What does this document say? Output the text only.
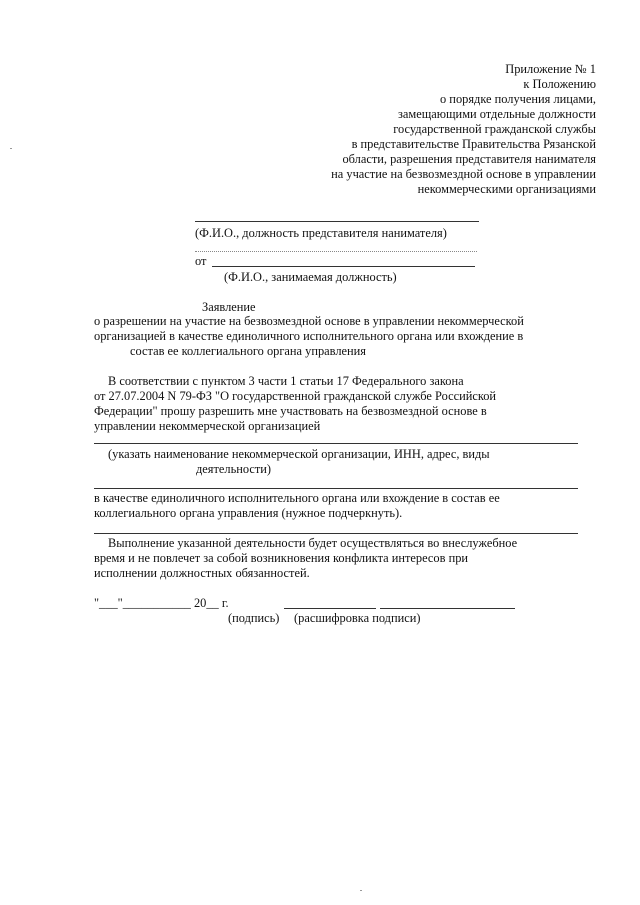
Приложение № 1
к Положению
о порядке получения лицами,
замещающими отдельные должности
государственной гражданской службы
в представительстве Правительства Рязанской
области, разрешения представителя нанимателя
на участие на безвозмездной основе в управлении
некоммерческими организациями
(Ф.И.О., должность представителя нанимателя)
от
(Ф.И.О., занимаемая должность)
Заявление
о разрешении на участие на безвозмездной основе в управлении некоммерческой
организацией в качестве единоличного исполнительного органа или вхождение в
состав ее коллегиального органа управления
В соответствии с пунктом 3 части 1 статьи 17 Федерального закона
от 27.07.2004 N 79-ФЗ "О государственной гражданской службе Российской
Федерации" прошу разрешить мне участвовать на безвозмездной основе в
управлении некоммерческой организацией
(указать наименование некоммерческой организации, ИНН, адрес, виды
деятельности)
в качестве единоличного исполнительного органа или вхождение в состав ее
коллегиального органа управления (нужное подчеркнуть).
Выполнение указанной деятельности будет осуществляться во внеслужебное
время и не повлечет за собой возникновения конфликта интересов при
исполнении должностных обязанностей.
"___"___________ 20__ г.
(подпись) (расшифровка подписи)
